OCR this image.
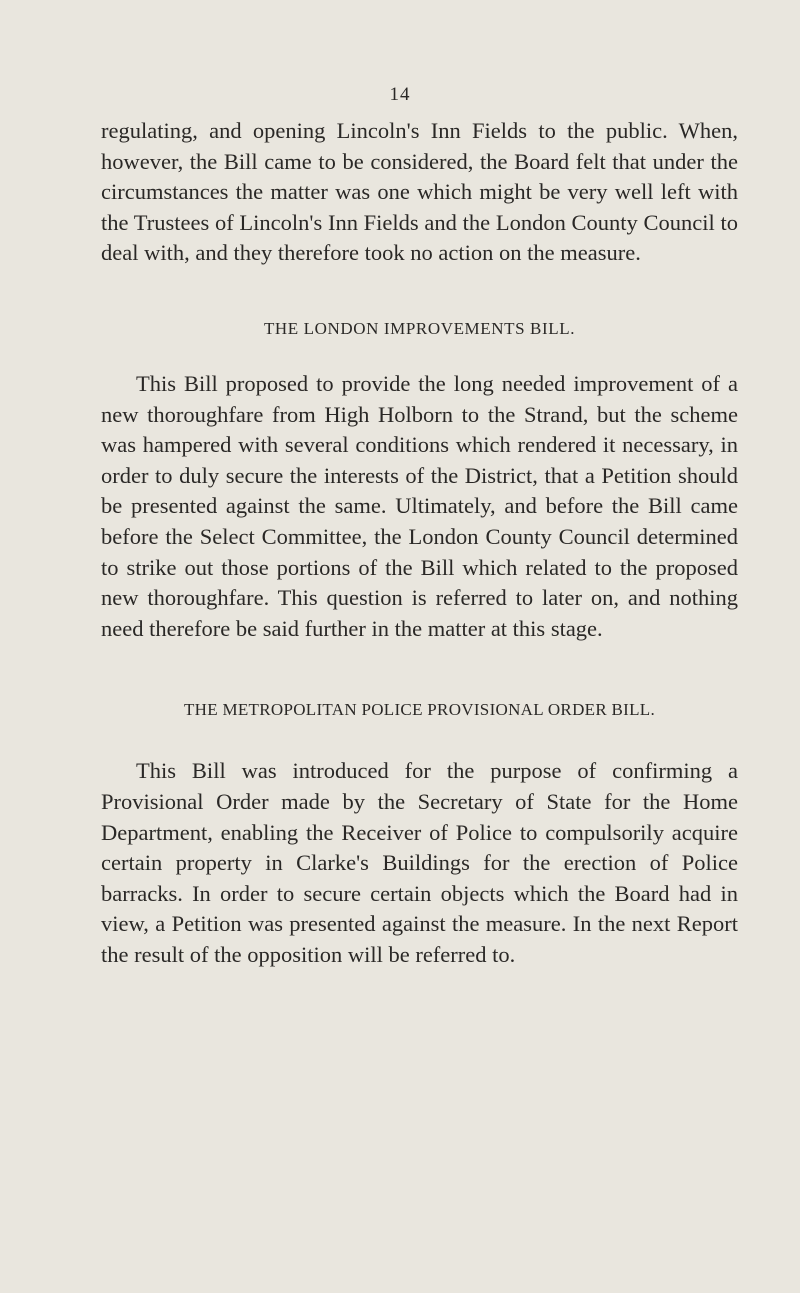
14

regulating, and opening Lincoln's Inn Fields to the public. When, however, the Bill came to be considered, the Board felt that under the circumstances the matter was one which might be very well left with the Trustees of Lincoln's Inn Fields and the London County Council to deal with, and they therefore took no action on the measure.

THE LONDON IMPROVEMENTS BILL.

This Bill proposed to provide the long needed improvement of a new thoroughfare from High Holborn to the Strand, but the scheme was hampered with several conditions which rendered it necessary, in order to duly secure the interests of the District, that a Petition should be presented against the same. Ultimately, and before the Bill came before the Select Committee, the London County Council determined to strike out those portions of the Bill which related to the proposed new thoroughfare. This question is referred to later on, and nothing need therefore be said further in the matter at this stage.

THE METROPOLITAN POLICE PROVISIONAL ORDER BILL.

This Bill was introduced for the purpose of confirming a Provisional Order made by the Secretary of State for the Home Department, enabling the Receiver of Police to compulsorily acquire certain property in Clarke's Buildings for the erection of Police barracks. In order to secure certain objects which the Board had in view, a Petition was presented against the measure. In the next Report the result of the opposition will be referred to.
